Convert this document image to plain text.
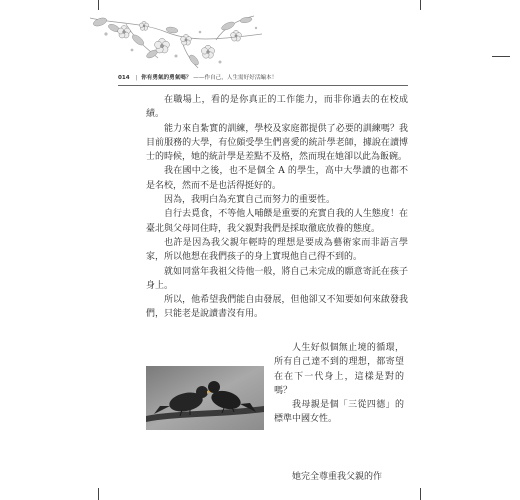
014 | 你有勇氣的勇氣嗎？ ——作自己，人生需好好活編本！

在職場上，看的是你真正的工作能力，而非你過去的在校成績。

能力來自紮實的訓練，學校及家庭都提供了必要的訓練嗎？我目前服務的大學，有位頗受學生們喜愛的統計學老師，據說在讀博士的時候，她的統計學是差點不及格，然而現在她卻以此為飯碗。

我在國中之後，也不是個全 A 的學生，高中大學讀的也都不是名校，然而不是也活得挺好的。

因為，我明白為充實自己而努力的重要性。

自行去覓食，不等他人哺餵是重要的充實自我的人生態度！在臺北與父母同住時，我父親對我們是採取徹底放養的態度。

也許是因為我父親年輕時的理想是要成為藝術家而非語言學家，所以他想在我們孩子的身上實現他自己得不到的。

就如同當年我祖父待他一般，將自己未完成的願意寄託在孩子身上。

所以，他希望我們能自由發展，但他卻又不知要如何來啟發我們，只能老是說讀書沒有用。

人生好似個無止境的循環，所有自己達不到的理想，都寄望在在下一代身上，這樣是對的嗎？

我母親是個「三從四德」的標準中國女性。

她完全尊重我父親的作
